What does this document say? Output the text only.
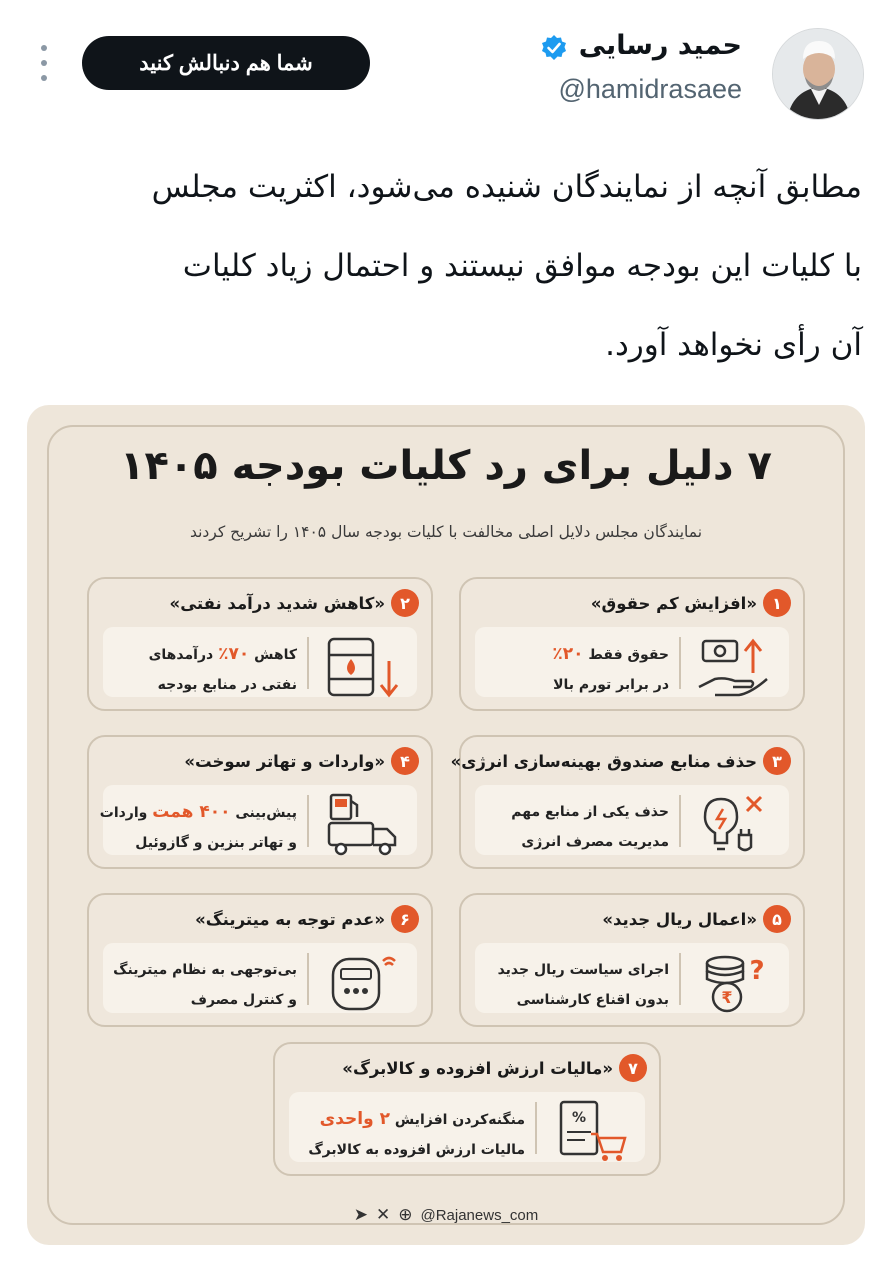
حمید رسایی
@hamidrasaee
شما هم دنبالش کنید
مطابق آنچه از نمایندگان شنیده می‌شود، اکثریت مجلس
با کلیات این بودجه موافق نیستند و احتمال زیاد کلیات
آن رأی نخواهد آورد.
۷ دلیل برای رد کلیات بودجه ۱۴۰۵
نمایندگان مجلس دلایل اصلی مخالفت با کلیات بودجه سال ۱۴۰۵ را تشریح کردند
۱
«افزایش کم حقوق»
حقوق فقط ۲۰٪
در برابر تورم بالا
۲
«کاهش شدید درآمد نفتی»
کاهش ۷۰٪ درآمدهای
نفتی در منابع بودجه
۳
حذف منابع صندوق بهینه‌سازی انرژی»
حذف یکی از منابع مهم
مدیریت مصرف انرژی
۴
«واردات و تهاتر سوخت»
پیش‌بینی ۴۰۰ همت واردات
و تهاتر بنزین و گازوئیل
۵
«اعمال ریال جدید»
₹
?
اجرای سیاست ریال جدید
بدون اقناع کارشناسی
۶
«عدم توجه به میترینگ»
بی‌توجهی به نظام میترینگ
و کنترل مصرف
۷
«مالیات ارزش افزوده و کالابرگ»
%
منگنه‌کردن افزایش ۲ واحدی
مالیات ارزش افزوده به کالابرگ
➤ ✕ ⊕ @Rajanews_com
